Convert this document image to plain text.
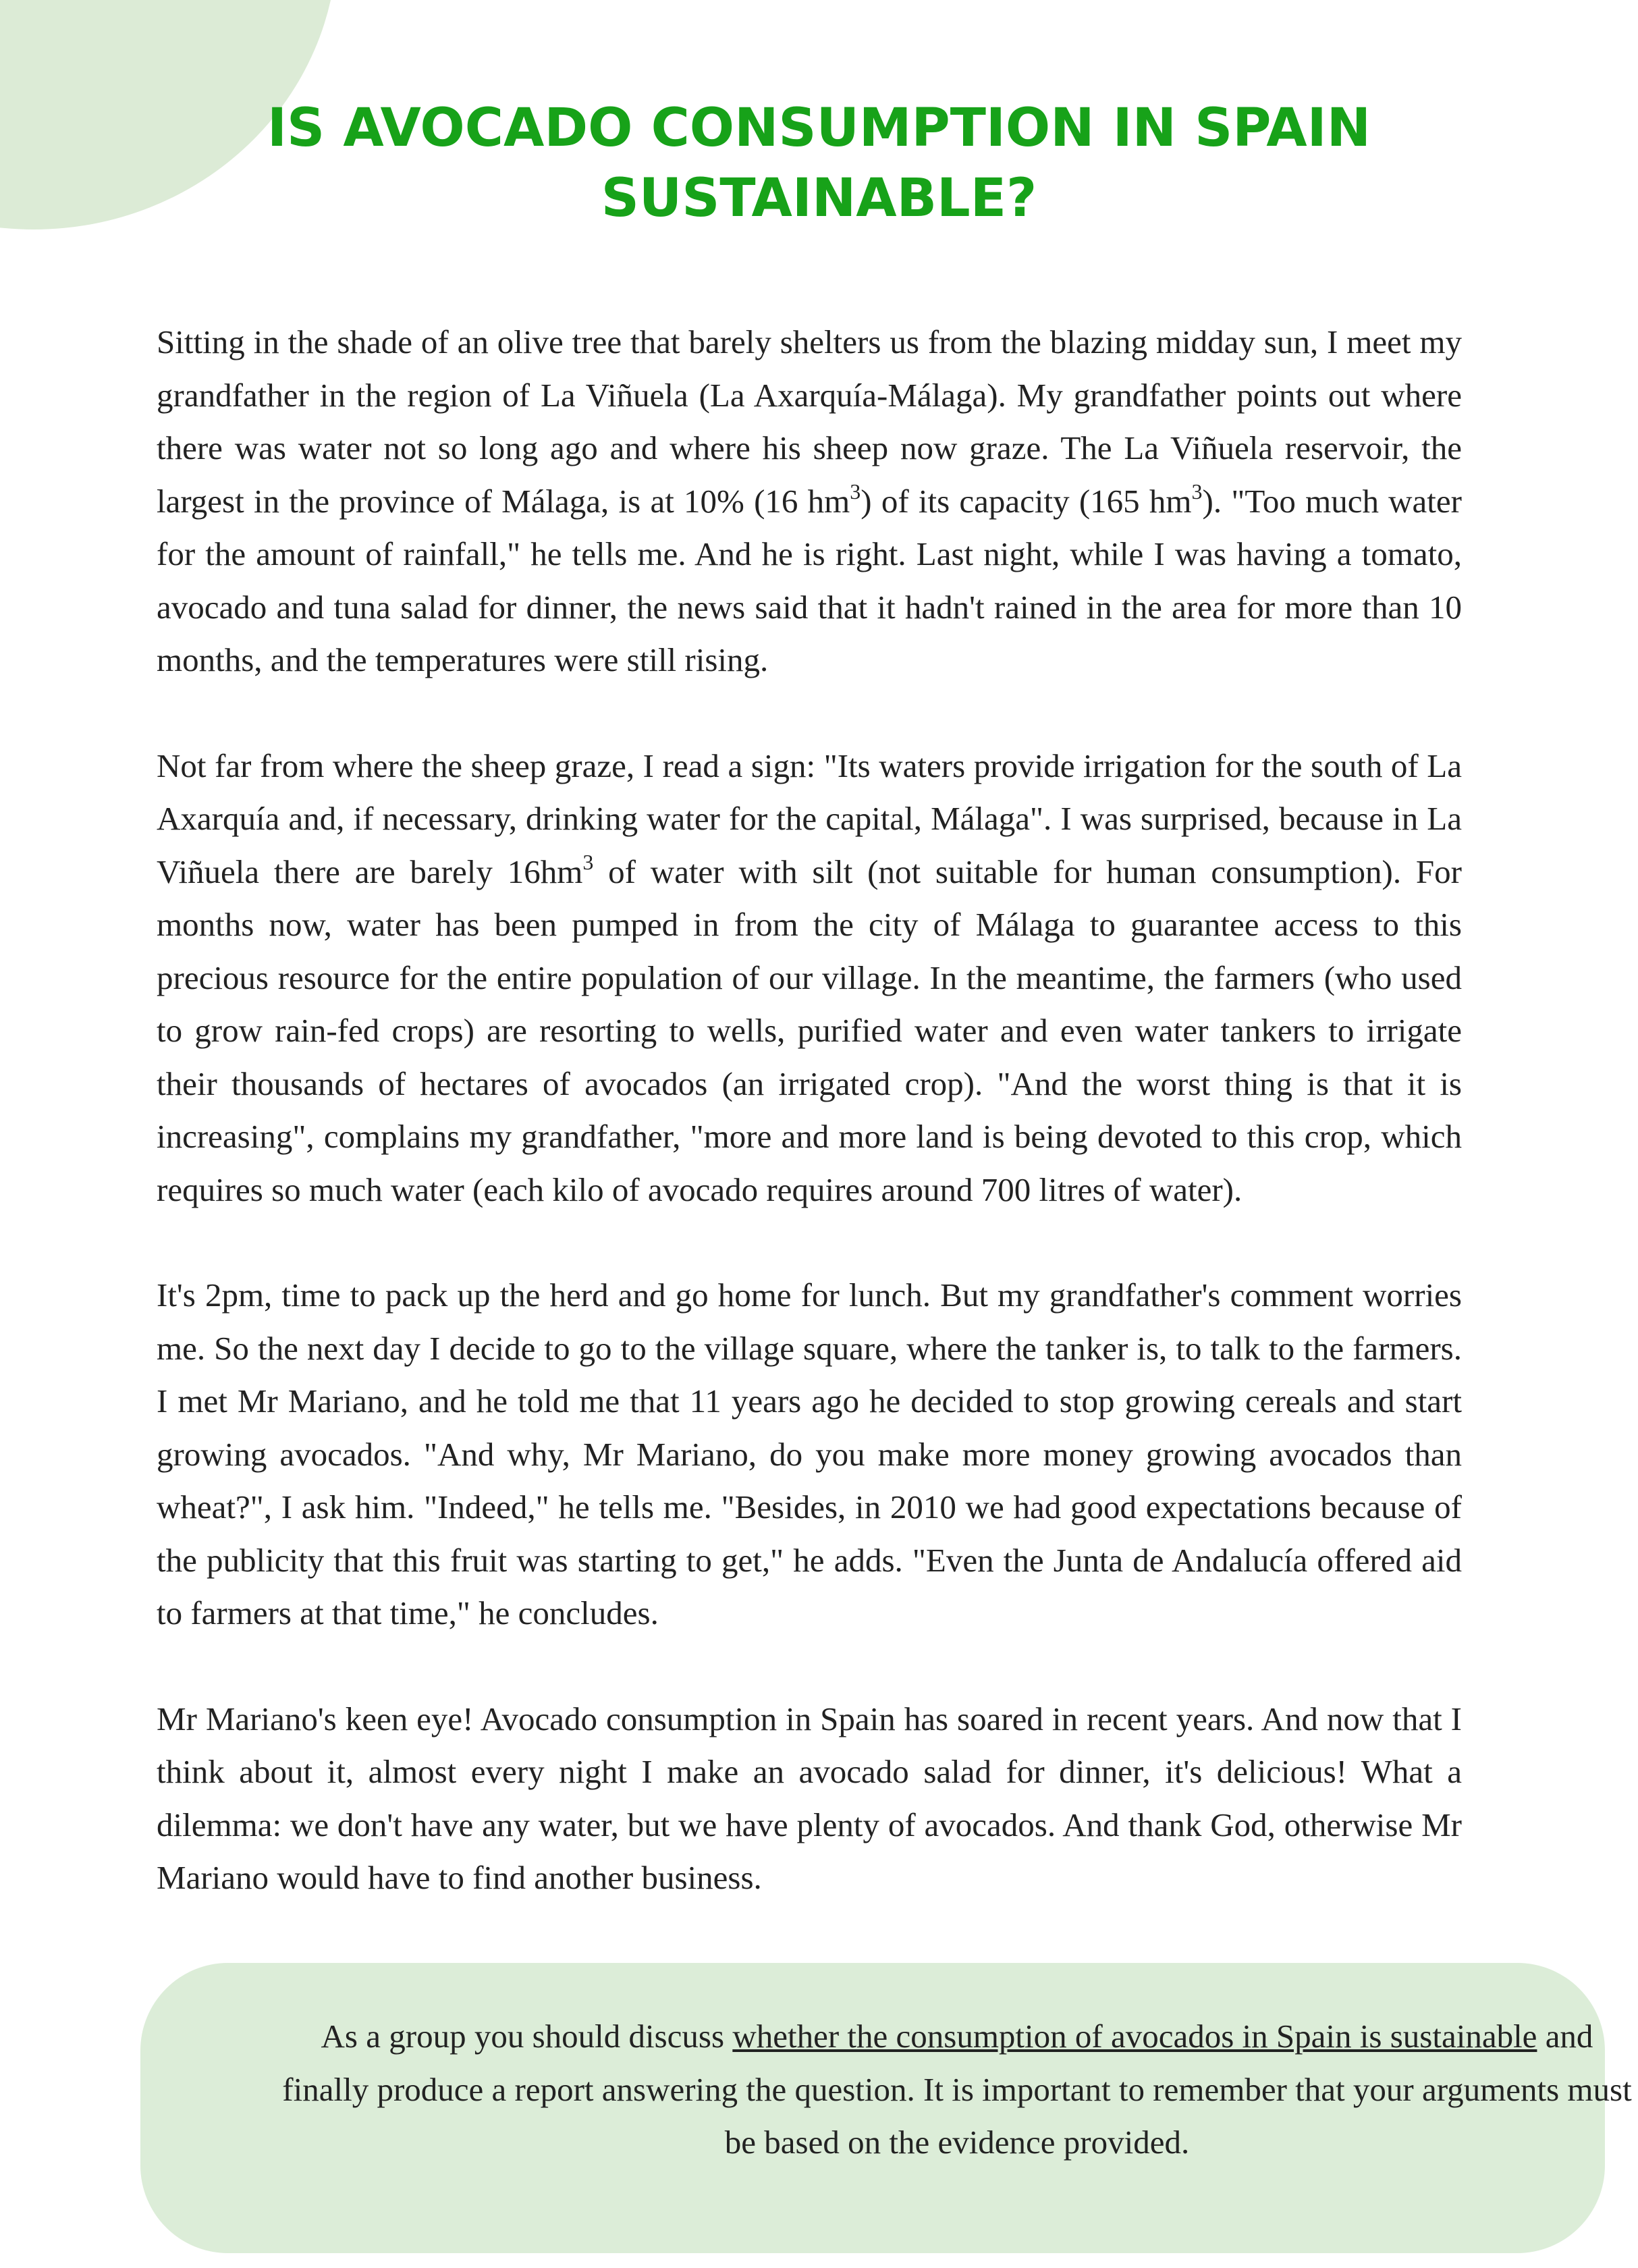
IS AVOCADO CONSUMPTION IN SPAIN
SUSTAINABLE?

Sitting in the shade of an olive tree that barely shelters us from the blazing midday sun, I meet my grandfather in the region of La Viñuela (La Axarquía-Málaga). My grandfather points out where there was water not so long ago and where his sheep now graze. The La Viñuela reservoir, the largest in the province of Málaga, is at 10% (16 $hm^3$) of its capacity (165 $hm^3$). "Too much water for the amount of rainfall," he tells me. And he is right. Last night, while I was having a tomato, avocado and tuna salad for dinner, the news said that it hadn't rained in the area for more than 10 months, and the temperatures were still rising.

Not far from where the sheep graze, I read a sign: "Its waters provide irrigation for the south of La Axarquía and, if necessary, drinking water for the capital, Málaga". I was surprised, because in La Viñuela there are barely $16hm^3$ of water with silt (not suitable for human consumption). For months now, water has been pumped in from the city of Málaga to guarantee access to this precious resource for the entire population of our village. In the meantime, the farmers (who used to grow rain-fed crops) are resorting to wells, purified water and even water tankers to irrigate their thousands of hectares of avocados (an irrigated crop). "And the worst thing is that it is increasing", complains my grandfather, "more and more land is being devoted to this crop, which requires so much water (each kilo of avocado requires around 700 litres of water).

It's 2pm, time to pack up the herd and go home for lunch. But my grandfather's comment worries me. So the next day I decide to go to the village square, where the tanker is, to talk to the farmers. I met Mr Mariano, and he told me that 11 years ago he decided to stop growing cereals and start growing avocados. "And why, Mr Mariano, do you make more money growing avocados than wheat?", I ask him. "Indeed," he tells me. "Besides, in 2010 we had good expectations because of the publicity that this fruit was starting to get," he adds. "Even the Junta de Andalucía offered aid to farmers at that time," he concludes.

Mr Mariano's keen eye! Avocado consumption in Spain has soared in recent years. And now that I think about it, almost every night I make an avocado salad for dinner, it's delicious! What a dilemma: we don't have any water, but we have plenty of avocados. And thank God, otherwise Mr Mariano would have to find another business.

As a group you should discuss whether the consumption of avocados in Spain is sustainable and finally produce a report answering the question. It is important to remember that your arguments must be based on the evidence provided.
